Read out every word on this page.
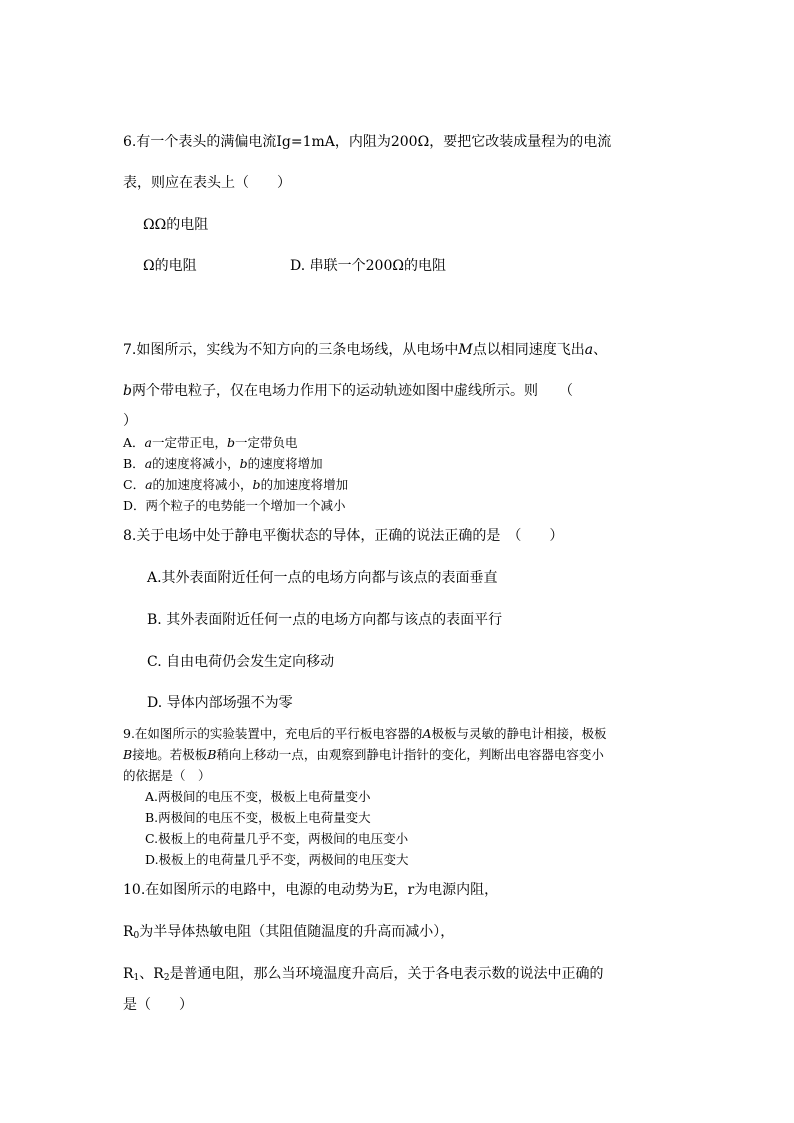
6.有一个表头的满偏电流Ig=1mA，内阻为200Ω，要把它改装成量程为的电流
表，则应在表头上（　　）
ΩΩ的电阻
Ω的电阻	D. 串联一个200Ω的电阻
7.如图所示，实线为不知方向的三条电场线，从电场中M点以相同速度飞出a、
b两个带电粒子，仅在电场力作用下的运动轨迹如图中虚线所示。则　　（
）
A．a一定带正电，b一定带负电
B．a的速度将减小，b的速度将增加
C．a的加速度将减小，b的加速度将增加
D．两个粒子的电势能一个增加一个减小
8.关于电场中处于静电平衡状态的导体，正确的说法正确的是　（　　）
A.其外表面附近任何一点的电场方向都与该点的表面垂直
B. 其外表面附近任何一点的电场方向都与该点的表面平行
C. 自由电荷仍会发生定向移动
D. 导体内部场强不为零
9.在如图所示的实验装置中，充电后的平行板电容器的A极板与灵敏的静电计相接，极板
B接地。若极板B稍向上移动一点，由观察到静电计指针的变化，判断出电容器电容变小
的依据是（　）
A.两极间的电压不变，极板上电荷量变小
B.两极间的电压不变，极板上电荷量变大
C.极板上的电荷量几乎不变，两极间的电压变小
D.极板上的电荷量几乎不变，两极间的电压变大
10.在如图所示的电路中，电源的电动势为E，r为电源内阻，
$R_0$为半导体热敏电阻（其阻值随温度的升高而减小），
$R_1$、$R_2$是普通电阻，那么当环境温度升高后，关于各电表示数的说法中正确的
是（　　）
